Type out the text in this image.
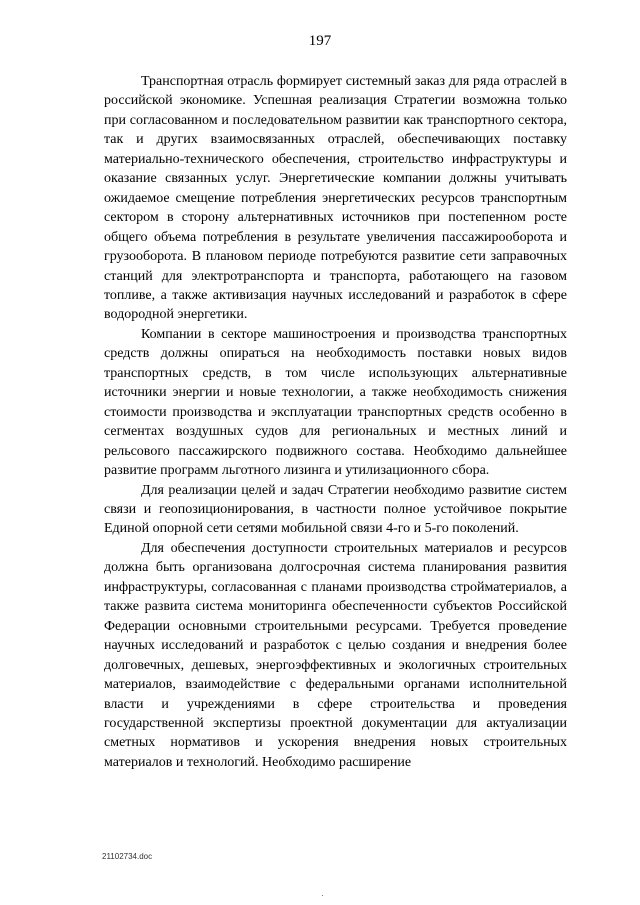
197

Транспортная отрасль формирует системный заказ для ряда отраслей в российской экономике. Успешная реализация Стратегии возможна только при согласованном и последовательном развитии как транспортного сектора, так и других взаимосвязанных отраслей, обеспечивающих поставку материально-технического обеспечения, строительство инфраструктуры и оказание связанных услуг. Энергетические компании должны учитывать ожидаемое смещение потребления энергетических ресурсов транспортным сектором в сторону альтернативных источников при постепенном росте общего объема потребления в результате увеличения пассажирооборота и грузооборота. В плановом периоде потребуются развитие сети заправочных станций для электротранспорта и транспорта, работающего на газовом топливе, а также активизация научных исследований и разработок в сфере водородной энергетики.

Компании в секторе машиностроения и производства транспортных средств должны опираться на необходимость поставки новых видов транспортных средств, в том числе использующих альтернативные источники энергии и новые технологии, а также необходимость снижения стоимости производства и эксплуатации транспортных средств особенно в сегментах воздушных судов для региональных и местных линий и рельсового пассажирского подвижного состава. Необходимо дальнейшее развитие программ льготного лизинга и утилизационного сбора.

Для реализации целей и задач Стратегии необходимо развитие систем связи и геопозиционирования, в частности полное устойчивое покрытие Единой опорной сети сетями мобильной связи 4-го и 5-го поколений.

Для обеспечения доступности строительных материалов и ресурсов должна быть организована долгосрочная система планирования развития инфраструктуры, согласованная с планами производства стройматериалов, а также развита система мониторинга обеспеченности субъектов Российской Федерации основными строительными ресурсами. Требуется проведение научных исследований и разработок с целью создания и внедрения более долговечных, дешевых, энергоэффективных и экологичных строительных материалов, взаимодействие с федеральными органами исполнительной власти и учреждениями в сфере строительства и проведения государственной экспертизы проектной документации для актуализации сметных нормативов и ускорения внедрения новых строительных материалов и технологий. Необходимо расширение

21102734.doc
